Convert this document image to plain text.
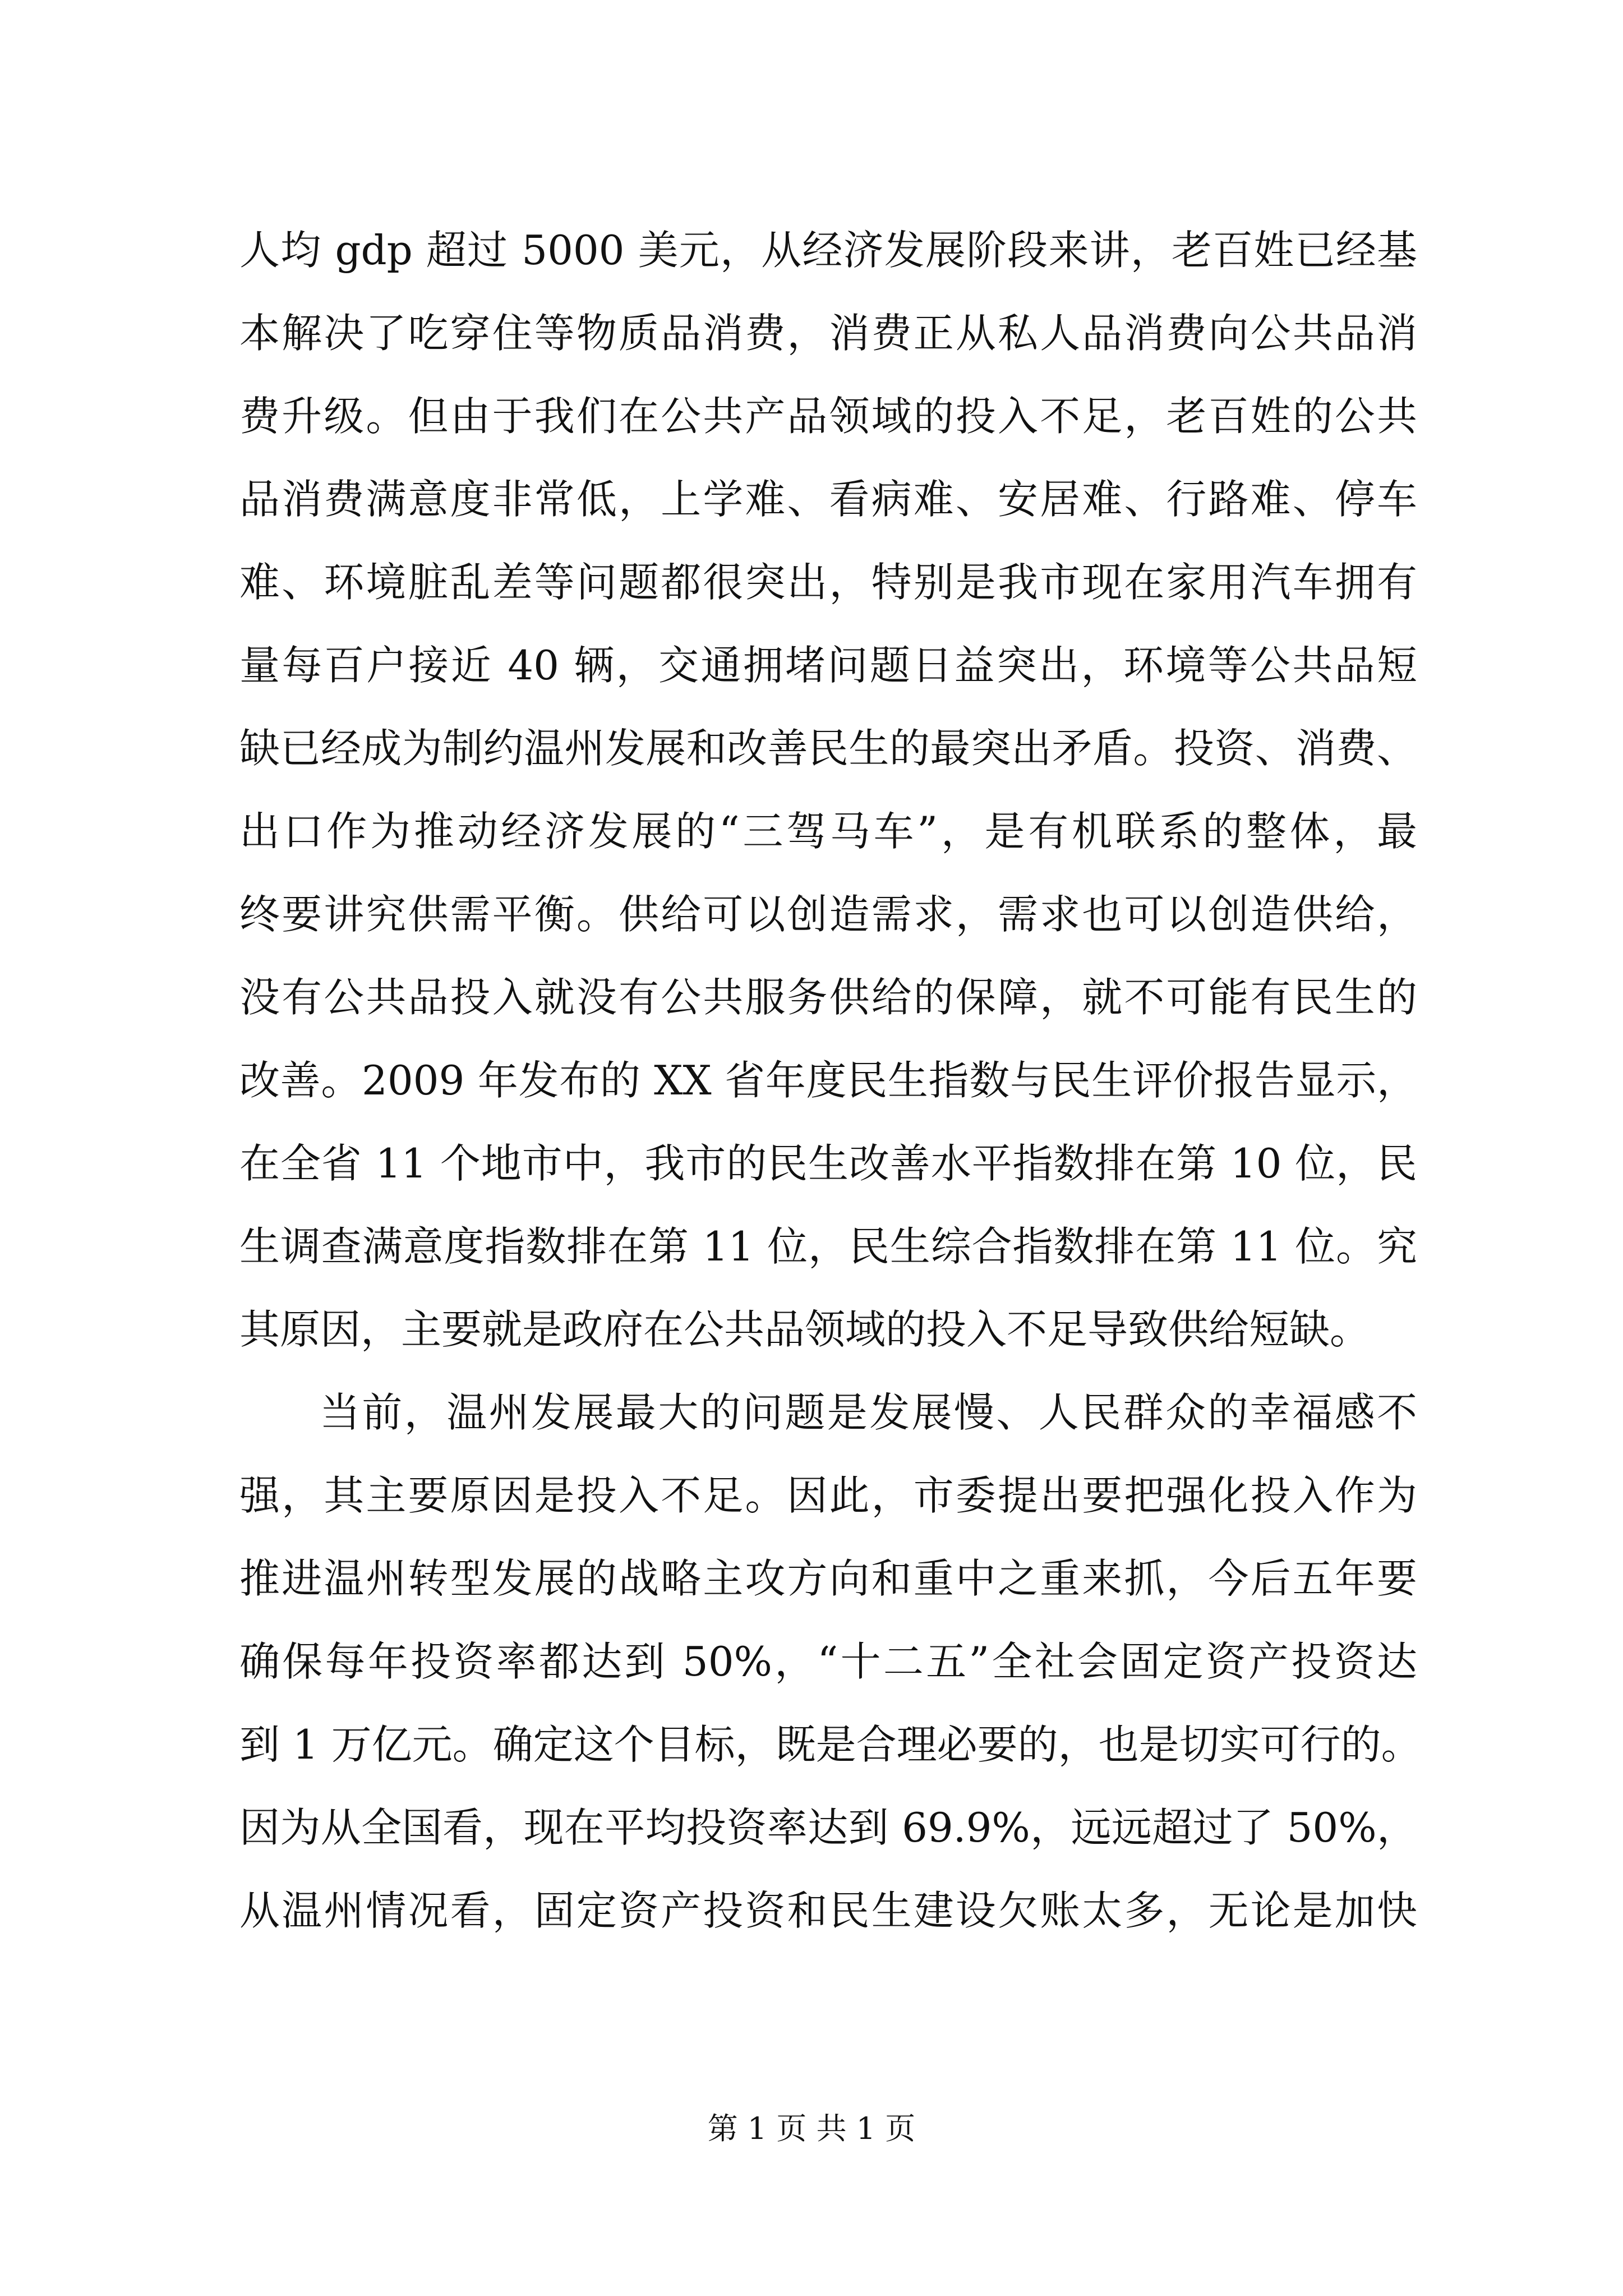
人均 gdp 超过 5000 美元，从经济发展阶段来讲，老百姓已经基
本解决了吃穿住等物质品消费，消费正从私人品消费向公共品消
费升级。但由于我们在公共产品领域的投入不足，老百姓的公共
品消费满意度非常低，上学难、看病难、安居难、行路难、停车
难、环境脏乱差等问题都很突出，特别是我市现在家用汽车拥有
量每百户接近 40 辆，交通拥堵问题日益突出，环境等公共品短
缺已经成为制约温州发展和改善民生的最突出矛盾。投资、消费、
出口作为推动经济发展的“三驾马车”，是有机联系的整体，最
终要讲究供需平衡。供给可以创造需求，需求也可以创造供给，
没有公共品投入就没有公共服务供给的保障，就不可能有民生的
改善。2009 年发布的 XX 省年度民生指数与民生评价报告显示，
在全省 11 个地市中，我市的民生改善水平指数排在第 10 位，民
生调查满意度指数排在第 11 位，民生综合指数排在第 11 位。究
其原因，主要就是政府在公共品领域的投入不足导致供给短缺。
当前，温州发展最大的问题是发展慢、人民群众的幸福感不
强，其主要原因是投入不足。因此，市委提出要把强化投入作为
推进温州转型发展的战略主攻方向和重中之重来抓，今后五年要
确保每年投资率都达到 50%，“十二五”全社会固定资产投资达
到 1 万亿元。确定这个目标，既是合理必要的，也是切实可行的。
因为从全国看，现在平均投资率达到 69.9%，远远超过了 50%，
从温州情况看，固定资产投资和民生建设欠账太多，无论是加快
第 1 页 共 1 页
